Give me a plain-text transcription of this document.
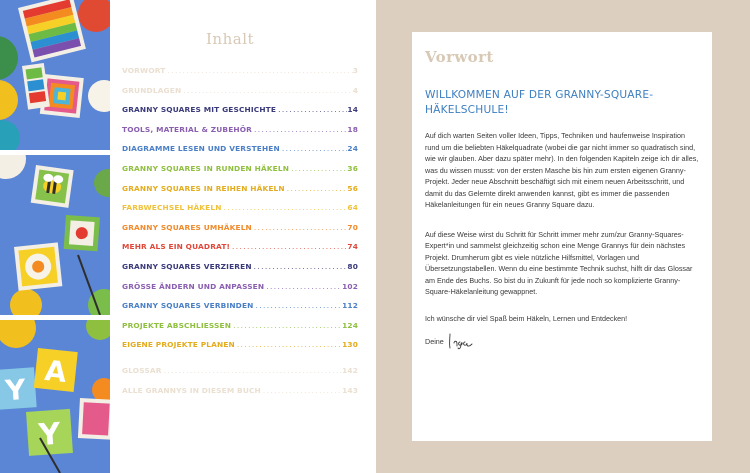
Y
A
Y
Inhalt
VORWORT .....	3
GRUNDLAGEN .....	4
GRANNY SQUARES MIT GESCHICHTE .....	14
TOOLS, MATERIAL & ZUBEHÖR .....	18
DIAGRAMME LESEN UND VERSTEHEN .....	24
GRANNY SQUARES IN RUNDEN HÄKELN .....	36
GRANNY SQUARES IN REIHEN HÄKELN .....	56
FARBWECHSEL HÄKELN .....	64
GRANNY SQUARES UMHÄKELN .....	70
MEHR ALS EIN QUADRAT! .....	74
GRANNY SQUARES VERZIEREN .....	80
GRÖSSE ÄNDERN UND ANPASSEN .....	102
GRANNY SQUARES VERBINDEN .....	112
PROJEKTE ABSCHLIESSEN .....	124
EIGENE PROJEKTE PLANEN .....	130
GLOSSAR .....	142
ALLE GRANNYS IN DIESEM BUCH .....	143
Vorwort
WILLKOMMEN AUF DER GRANNY-SQUARE-HÄKELSCHULE!

Auf dich warten Seiten voller Ideen, Tipps, Techniken und haufenweise Inspiration rund um die beliebten Häkelquadrate (wobei die gar nicht immer so quadratisch sind, wie wir glauben. Aber dazu später mehr). In den folgenden Kapiteln zeige ich dir alles, was du wissen musst: von der ersten Masche bis hin zum ersten eigenen Granny-Projekt. Jeder neue Abschnitt beschäftigt sich mit einem neuen Arbeitsschritt, und damit du das Gelernte direkt anwenden kannst, gibt es immer die passenden Häkelanleitungen für ein neues Granny Square dazu.

Auf diese Weise wirst du Schritt für Schritt immer mehr zum/zur Granny-Squares-Expert*in und sammelst gleichzeitig schon eine Menge Grannys für dein nächstes Projekt. Drumherum gibt es viele nützliche Hilfsmittel, Vorlagen und Übersetzungstabellen. Wenn du eine bestimmte Technik suchst, hilft dir das Glossar am Ende des Buchs. So bist du in Zukunft für jede noch so komplizierte Granny-Square-Häkelanleitung gewappnet.

Ich wünsche dir viel Spaß beim Häkeln, Lernen und Entdecken!

Deine
